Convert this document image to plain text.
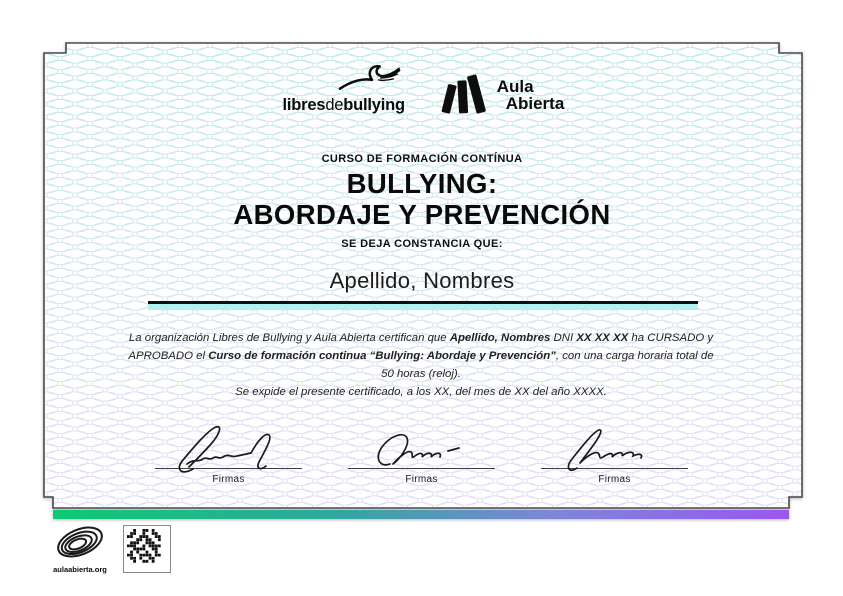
libresdebullying
Aula
Abierta
CURSO DE FORMACIÓN CONTÍNUA
BULLYING:
ABORDAJE Y PREVENCIÓN
SE DEJA CONSTANCIA QUE:
Apellido, Nombres
La organización Libres de Bullying y Aula Abierta certifican que Apellido, Nombres DNI XX XX XX ha CURSADO y APROBADO el Curso de formación continua “Bullying: Abordaje y Prevención”, con una carga horaria total de
50 horas (reloj).
Se expide el presente certificado, a los XX, del mes de XX del año XXXX.
Firmas	Firmas	Firmas
aulaabierta.org
